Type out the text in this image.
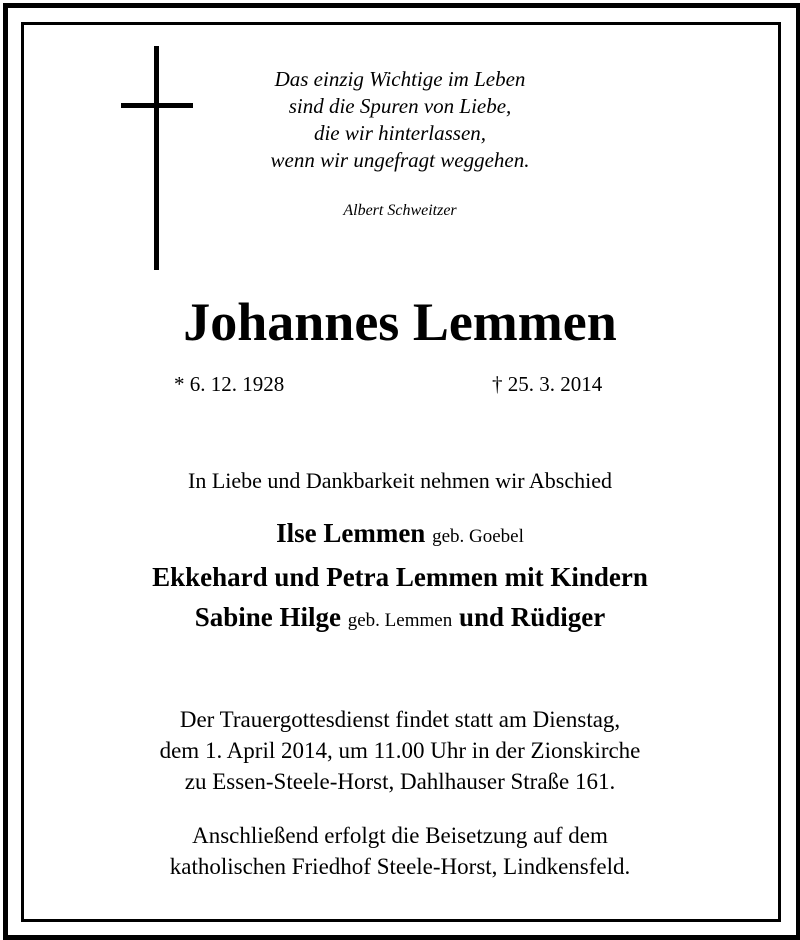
Das einzig Wichtige im Leben
sind die Spuren von Liebe,
die wir hinterlassen,
wenn wir ungefragt weggehen.
Albert Schweitzer
Johannes Lemmen
* 6. 12. 1928	† 25. 3. 2014
In Liebe und Dankbarkeit nehmen wir Abschied
Ilse Lemmen geb. Goebel
Ekkehard und Petra Lemmen mit Kindern
Sabine Hilge geb. Lemmen und Rüdiger
Der Trauergottesdienst findet statt am Dienstag,
dem 1. April 2014, um 11.00 Uhr in der Zionskirche
zu Essen-Steele-Horst, Dahlhauser Straße 161.
Anschließend erfolgt die Beisetzung auf dem
katholischen Friedhof Steele-Horst, Lindkensfeld.
